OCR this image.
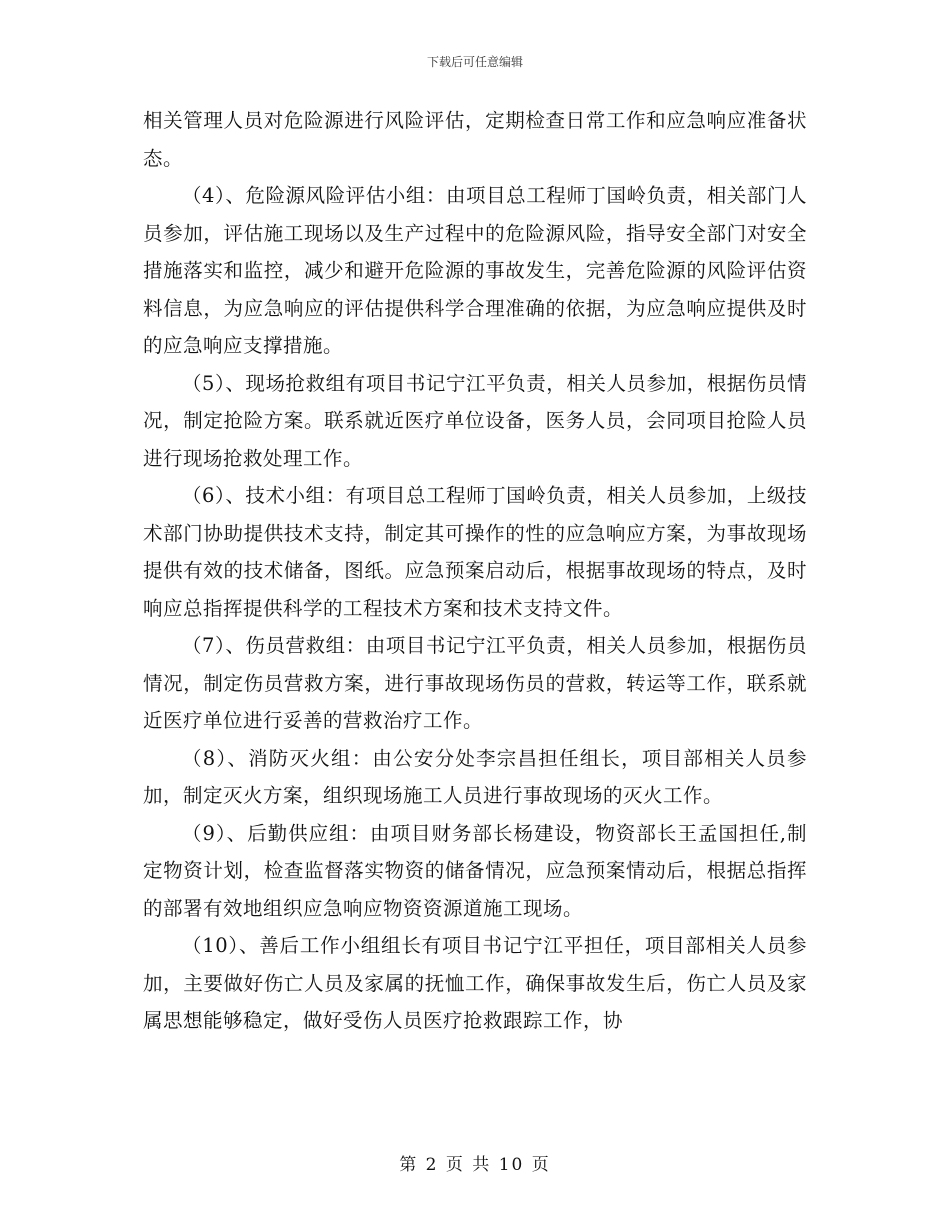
下载后可任意编辑

相关管理人员对危险源进行风险评估，定期检查日常工作和应急响应准备状态。

（4）、危险源风险评估小组：由项目总工程师丁国岭负责，相关部门人员参加，评估施工现场以及生产过程中的危险源风险，指导安全部门对安全措施落实和监控，减少和避开危险源的事故发生，完善危险源的风险评估资料信息，为应急响应的评估提供科学合理准确的依据，为应急响应提供及时的应急响应支撑措施。

（5）、现场抢救组有项目书记宁江平负责，相关人员参加，根据伤员情况，制定抢险方案。联系就近医疗单位设备，医务人员，会同项目抢险人员进行现场抢救处理工作。

（6）、技术小组：有项目总工程师丁国岭负责，相关人员参加，上级技术部门协助提供技术支持，制定其可操作的性的应急响应方案，为事故现场提供有效的技术储备，图纸。应急预案启动后，根据事故现场的特点，及时响应总指挥提供科学的工程技术方案和技术支持文件。

（7）、伤员营救组：由项目书记宁江平负责，相关人员参加，根据伤员情况，制定伤员营救方案，进行事故现场伤员的营救，转运等工作，联系就近医疗单位进行妥善的营救治疗工作。

（8）、消防灭火组：由公安分处李宗昌担任组长，项目部相关人员参加，制定灭火方案，组织现场施工人员进行事故现场的灭火工作。

（9）、后勤供应组：由项目财务部长杨建设，物资部长王孟国担任,制定物资计划，检查监督落实物资的储备情况，应急预案情动后，根据总指挥的部署有效地组织应急响应物资资源道施工现场。

（10）、善后工作小组组长有项目书记宁江平担任，项目部相关人员参加，主要做好伤亡人员及家属的抚恤工作，确保事故发生后，伤亡人员及家属思想能够稳定，做好受伤人员医疗抢救跟踪工作，协

第 2 页 共 10 页
